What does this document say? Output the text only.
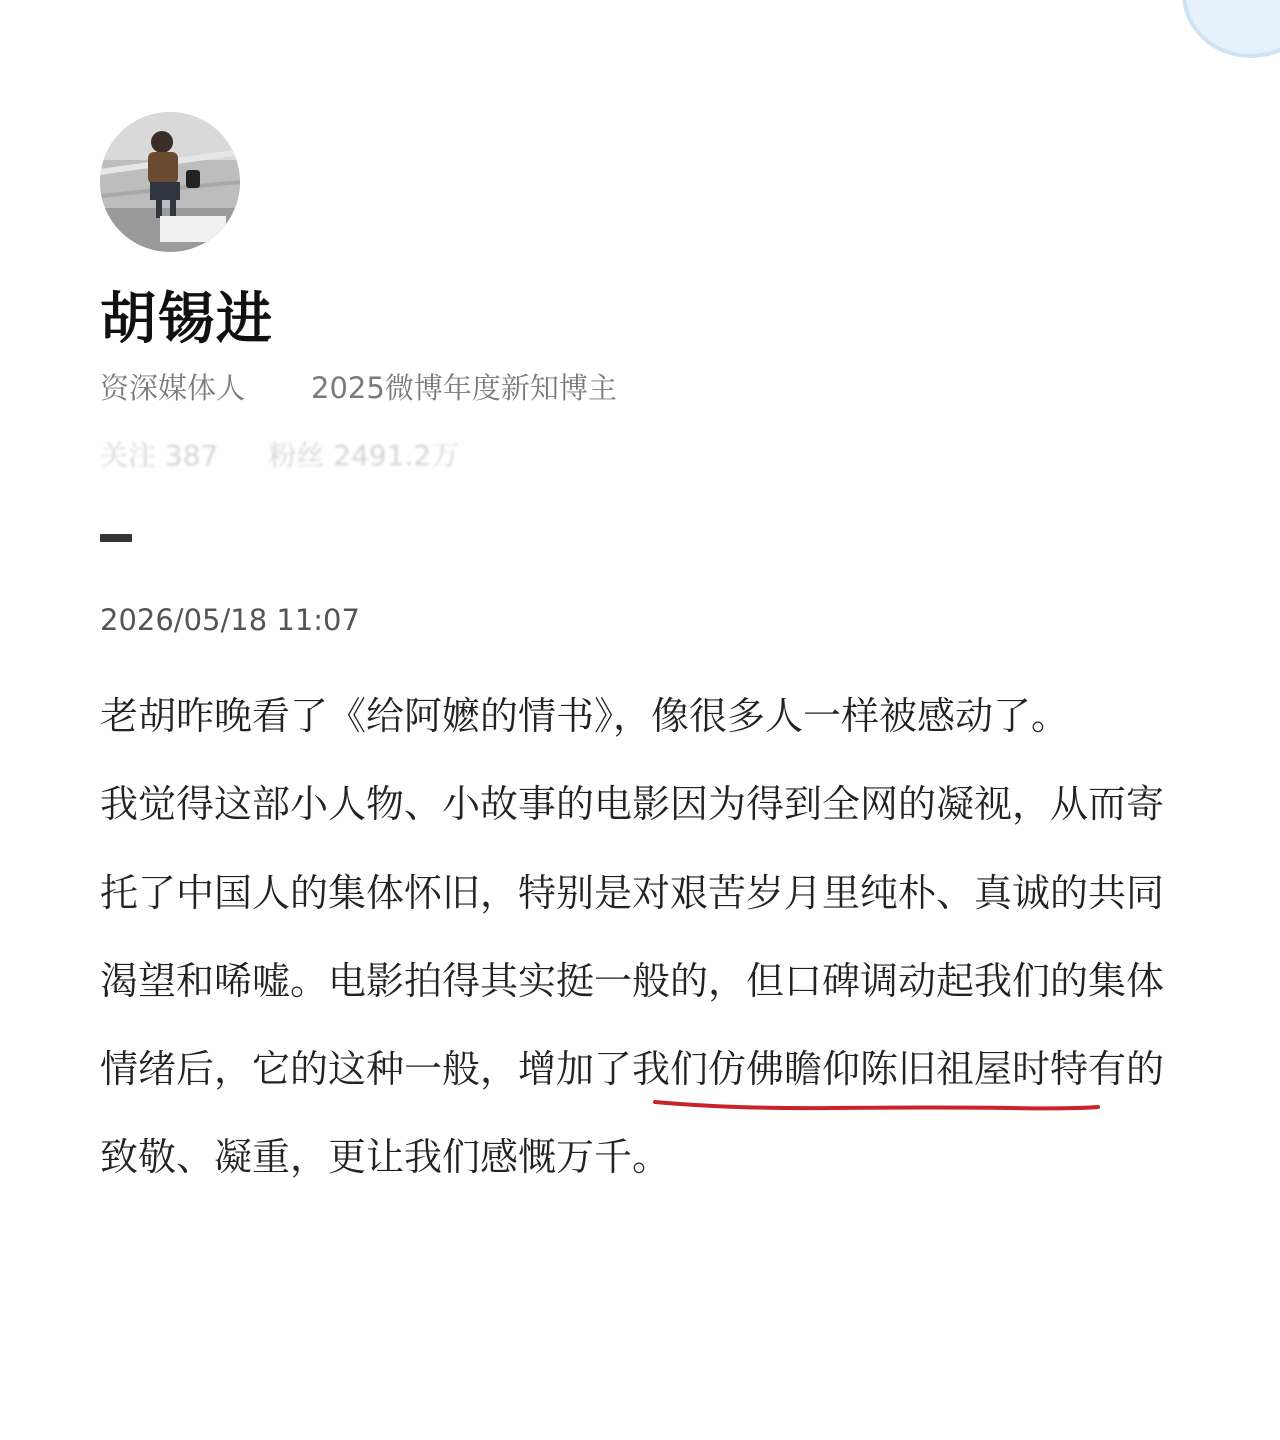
胡锡进
资深媒体人 2025微博年度新知博主
关注 387 粉丝 2491.2万
2026/05/18 11:07

老胡昨晚看了《给阿嬷的情书》，像很多人一样被感动了。

我觉得这部小人物、小故事的电影因为得到全网的凝视，从而寄托了中国人的集体怀旧，特别是对艰苦岁月里纯朴、真诚的共同渴望和唏嘘。电影拍得其实挺一般的，但口碑调动起我们的集体情绪后，它的这种一般，增加了我们仿佛瞻仰陈旧祖屋时特有的致敬、凝重，更让我们感慨万千。
